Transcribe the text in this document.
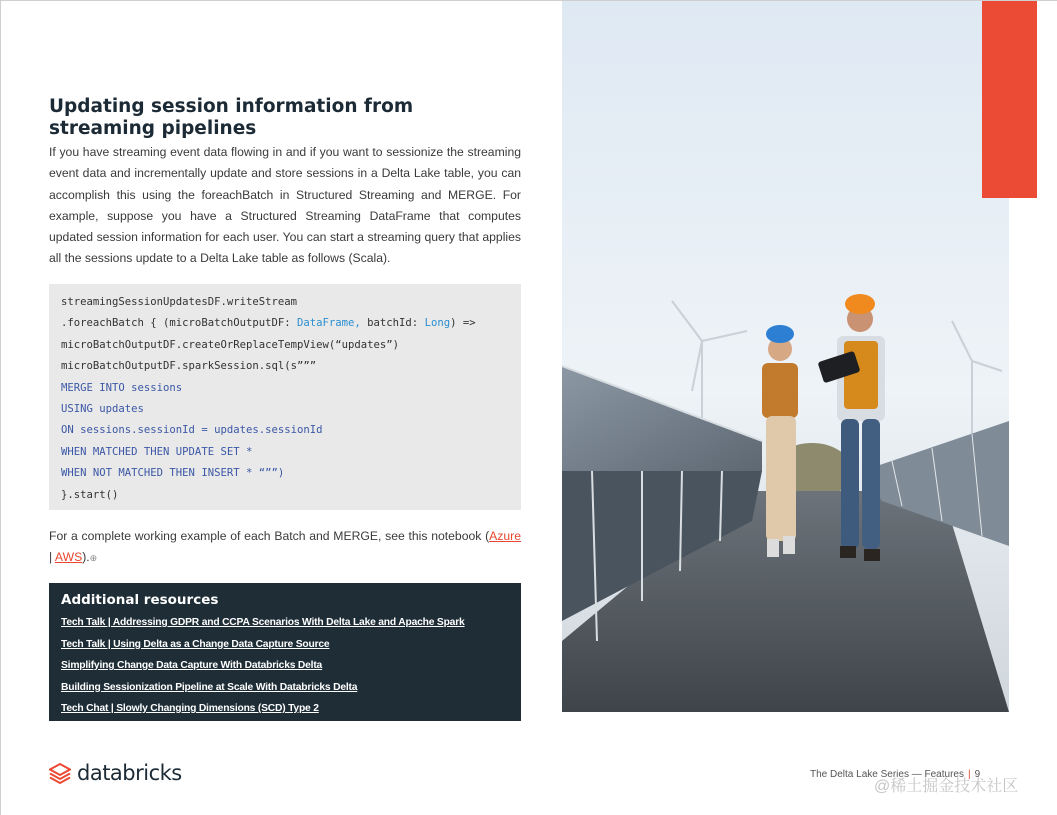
Updating session information from streaming pipelines

If you have streaming event data flowing in and if you want to sessionize the streaming event data and incrementally update and store sessions in a Delta Lake table, you can accomplish this using the foreachBatch in Structured Streaming and MERGE. For example, suppose you have a Structured Streaming DataFrame that computes updated session information for each user. You can start a streaming query that applies all the sessions update to a Delta Lake table as follows (Scala).

streamingSessionUpdatesDF.writeStream
.foreachBatch { (microBatchOutputDF: DataFrame, batchId: Long) =>
microBatchOutputDF.createOrReplaceTempView(“updates”)
microBatchOutputDF.sparkSession.sql(s”””
MERGE INTO sessions
USING updates
ON sessions.sessionId = updates.sessionId
WHEN MATCHED THEN UPDATE SET *
WHEN NOT MATCHED THEN INSERT * “””)
}.start()

For a complete working example of each Batch and MERGE, see this notebook (Azure | AWS).⊕

Additional resources

Tech Talk | Addressing GDPR and CCPA Scenarios With Delta Lake and Apache Spark
Tech Talk | Using Delta as a Change Data Capture Source
Simplifying Change Data Capture With Databricks Delta
Building Sessionization Pipeline at Scale With Databricks Delta
Tech Chat | Slowly Changing Dimensions (SCD) Type 2
databricks	The Delta Lake Series — Features | 9
@稀土掘金技术社区
